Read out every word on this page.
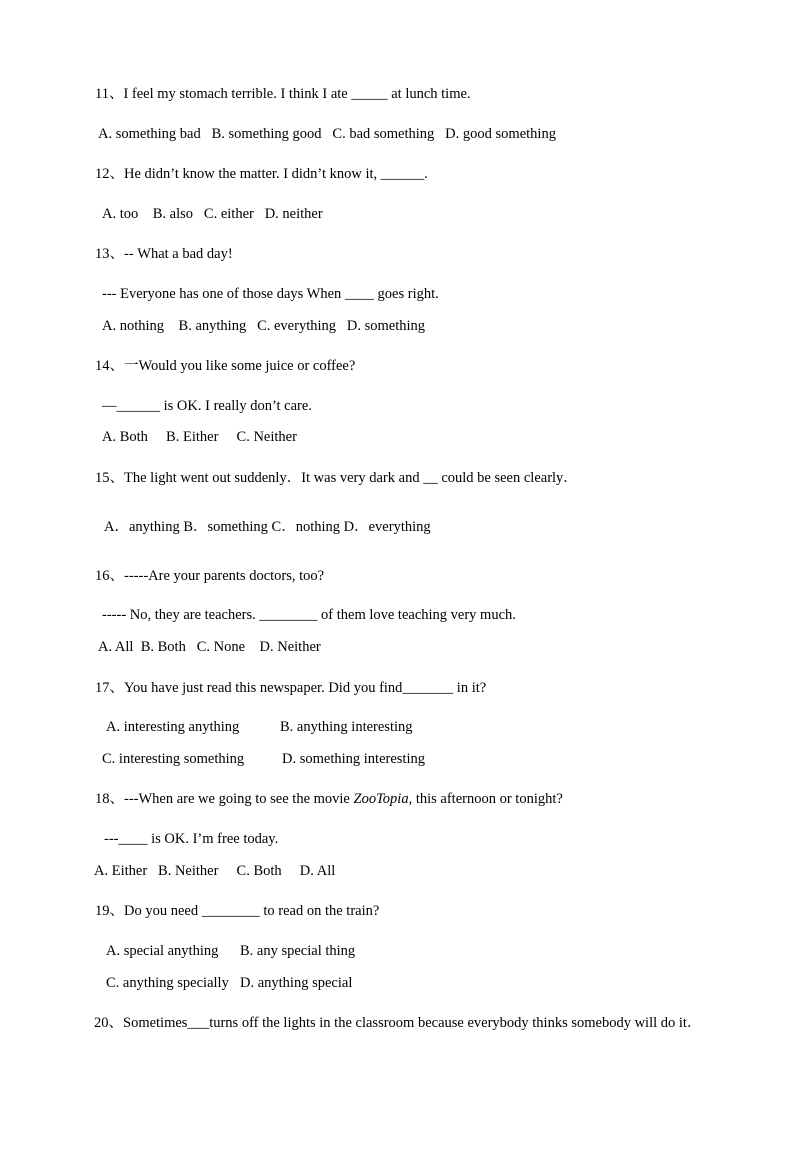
11、I feel my stomach terrible. I think I ate _____ at lunch time.
A. something bad   B. something good   C. bad something   D. good something
12、He didn’t know the matter. I didn’t know it, ______.
A. too    B. also   C. either   D. neither
13、-- What a bad day!
--- Everyone has one of those days When ____ goes right.
A. nothing    B. anything   C. everything   D. something
14、一Would you like some juice or coffee?
—______ is OK. I really don’t care.
A. Both     B. Either     C. Neither
15、The light went out suddenly．It was very dark and __ could be seen clearly．
A．anything B．something C．nothing D．everything
16、-----Are your parents doctors, too?
----- No, they are teachers. ________ of them love teaching very much.
A. All  B. Both   C. None    D. Neither
17、You have just read this newspaper. Did you find_______ in it?
A. interesting anything	B. anything interesting
C. interesting something	D. something interesting
18、---When are we going to see the movie ZooTopia, this afternoon or tonight?
---____ is OK. I’m free today.
A. Either   B. Neither     C. Both     D. All
19、Do you need ________ to read on the train?
A. special anything B. any special thing
C. anything specially D. anything special
20、Sometimes___turns off the lights in the classroom because everybody thinks somebody will do it．
